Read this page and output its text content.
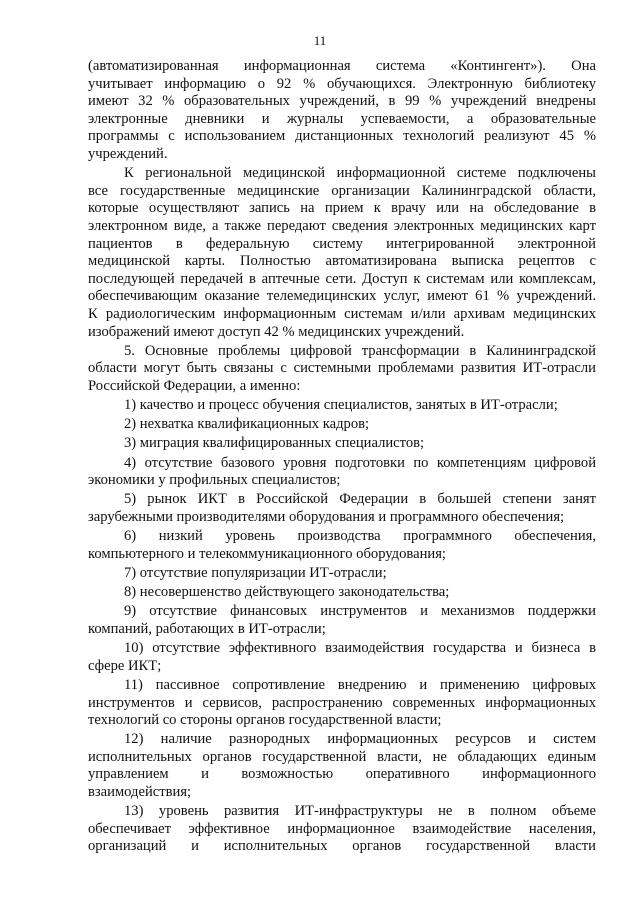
11
(автоматизированная информационная система «Контингент»). Она
учитывает информацию о 92 % обучающихся. Электронную библиотеку
имеют 32 % образовательных учреждений, в 99 % учреждений внедрены
электронные дневники и журналы успеваемости, а образовательные
программы с использованием дистанционных технологий реализуют 45 %
учреждений.
К региональной медицинской информационной системе подключены
все государственные медицинские организации Калининградской области,
которые осуществляют запись на прием к врачу или на обследование в
электронном виде, а также передают сведения электронных медицинских карт
пациентов в федеральную систему интегрированной электронной
медицинской карты. Полностью автоматизирована выписка рецептов с
последующей передачей в аптечные сети. Доступ к системам или комплексам,
обеспечивающим оказание телемедицинских услуг, имеют 61 % учреждений.
К радиологическим информационным системам и/или архивам медицинских
изображений имеют доступ 42 % медицинских учреждений.
5. Основные проблемы цифровой трансформации в Калининградской
области могут быть связаны с системными проблемами развития ИТ-отрасли
Российской Федерации, а именно:
1) качество и процесс обучения специалистов, занятых в ИТ-отрасли;
2) нехватка квалификационных кадров;
3) миграция квалифицированных специалистов;
4) отсутствие базового уровня подготовки по компетенциям цифровой
экономики у профильных специалистов;
5) рынок ИКТ в Российской Федерации в большей степени занят
зарубежными производителями оборудования и программного обеспечения;
6) низкий уровень производства программного обеспечения,
компьютерного и телекоммуникационного оборудования;
7) отсутствие популяризации ИТ-отрасли;
8) несовершенство действующего законодательства;
9) отсутствие финансовых инструментов и механизмов поддержки
компаний, работающих в ИТ-отрасли;
10) отсутствие эффективного взаимодействия государства и бизнеса в
сфере ИКТ;
11) пассивное сопротивление внедрению и применению цифровых
инструментов и сервисов, распространению современных информационных
технологий со стороны органов государственной власти;
12) наличие разнородных информационных ресурсов и систем
исполнительных органов государственной власти, не обладающих единым
управлением и возможностью оперативного информационного
взаимодействия;
13) уровень развития ИТ-инфраструктуры не в полном объеме
обеспечивает эффективное информационное взаимодействие населения,
организаций и исполнительных органов государственной власти
